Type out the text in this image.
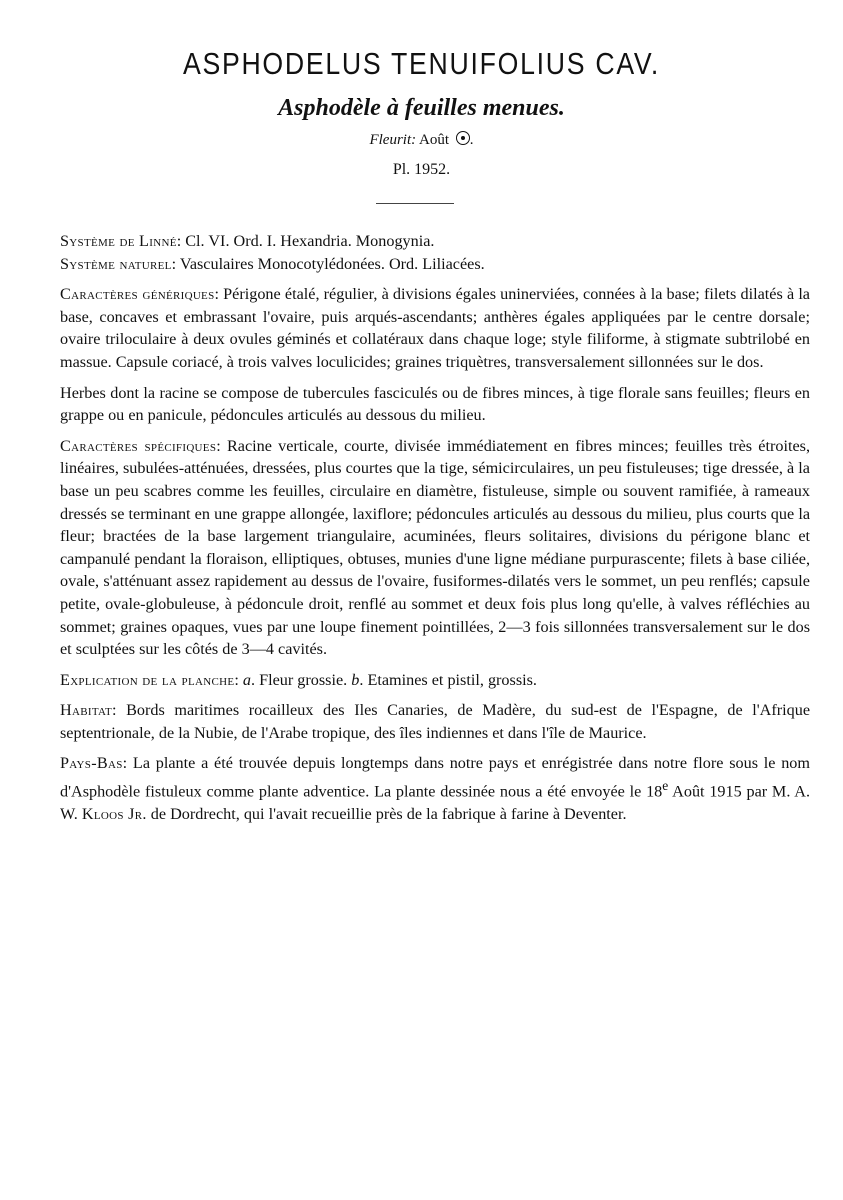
ASPHODELUS TENUIFOLIUS CAV.
Asphodèle à feuilles menues.
Fleurit: Août .
Pl. 1952.

Système de Linné: Cl. VI. Ord. I. Hexandria. Monogynia.

Système naturel: Vasculaires Monocotylédonées. Ord. Liliacées.

Caractères génériques: Périgone étalé, régulier, à divisions égales uninerviées, connées à la base; filets dilatés à la base, concaves et embrassant l'ovaire, puis arqués-ascendants; anthères égales appliquées par le centre dorsale; ovaire triloculaire à deux ovules géminés et collatéraux dans chaque loge; style filiforme, à stigmate subtrilobé en massue. Capsule coriacé, à trois valves loculicides; graines triquètres, transversalement sillonnées sur le dos.

Herbes dont la racine se compose de tubercules fasciculés ou de fibres minces, à tige florale sans feuilles; fleurs en grappe ou en panicule, pédoncules articulés au dessous du milieu.

Caractères spécifiques: Racine verticale, courte, divisée immédiatement en fibres minces; feuilles très étroites, linéaires, subulées-atténuées, dressées, plus courtes que la tige, sémicirculaires, un peu fistuleuses; tige dressée, à la base un peu scabres comme les feuilles, circulaire en diamètre, fistuleuse, simple ou souvent ramifiée, à rameaux dressés se terminant en une grappe allongée, laxiflore; pédoncules articulés au dessous du milieu, plus courts que la fleur; bractées de la base largement triangulaire, acuminées, fleurs solitaires, divisions du périgone blanc et campanulé pendant la floraison, elliptiques, obtuses, munies d'une ligne médiane purpurascente; filets à base ciliée, ovale, s'atténuant assez rapidement au dessus de l'ovaire, fusiformes-dilatés vers le sommet, un peu renflés; capsule petite, ovale-globuleuse, à pédoncule droit, renflé au sommet et deux fois plus long qu'elle, à valves réfléchies au sommet; graines opaques, vues par une loupe finement pointillées, 2—3 fois sillonnées transversalement sur le dos et sculptées sur les côtés de 3—4 cavités.

Explication de la planche: a. Fleur grossie. b. Etamines et pistil, grossis.

Habitat: Bords maritimes rocailleux des Iles Canaries, de Madère, du sud-est de l'Espagne, de l'Afrique septentrionale, de la Nubie, de l'Arabe tropique, des îles indiennes et dans l'île de Maurice.

Pays-Bas: La plante a été trouvée depuis longtemps dans notre pays et enrégistrée dans notre flore sous le nom d'Asphodèle fistuleux comme plante adventice. La plante dessinée nous a été envoyée le 18e Août 1915 par M. A. W. Kloos Jr. de Dordrecht, qui l'avait recueillie près de la fabrique à farine à Deventer.
